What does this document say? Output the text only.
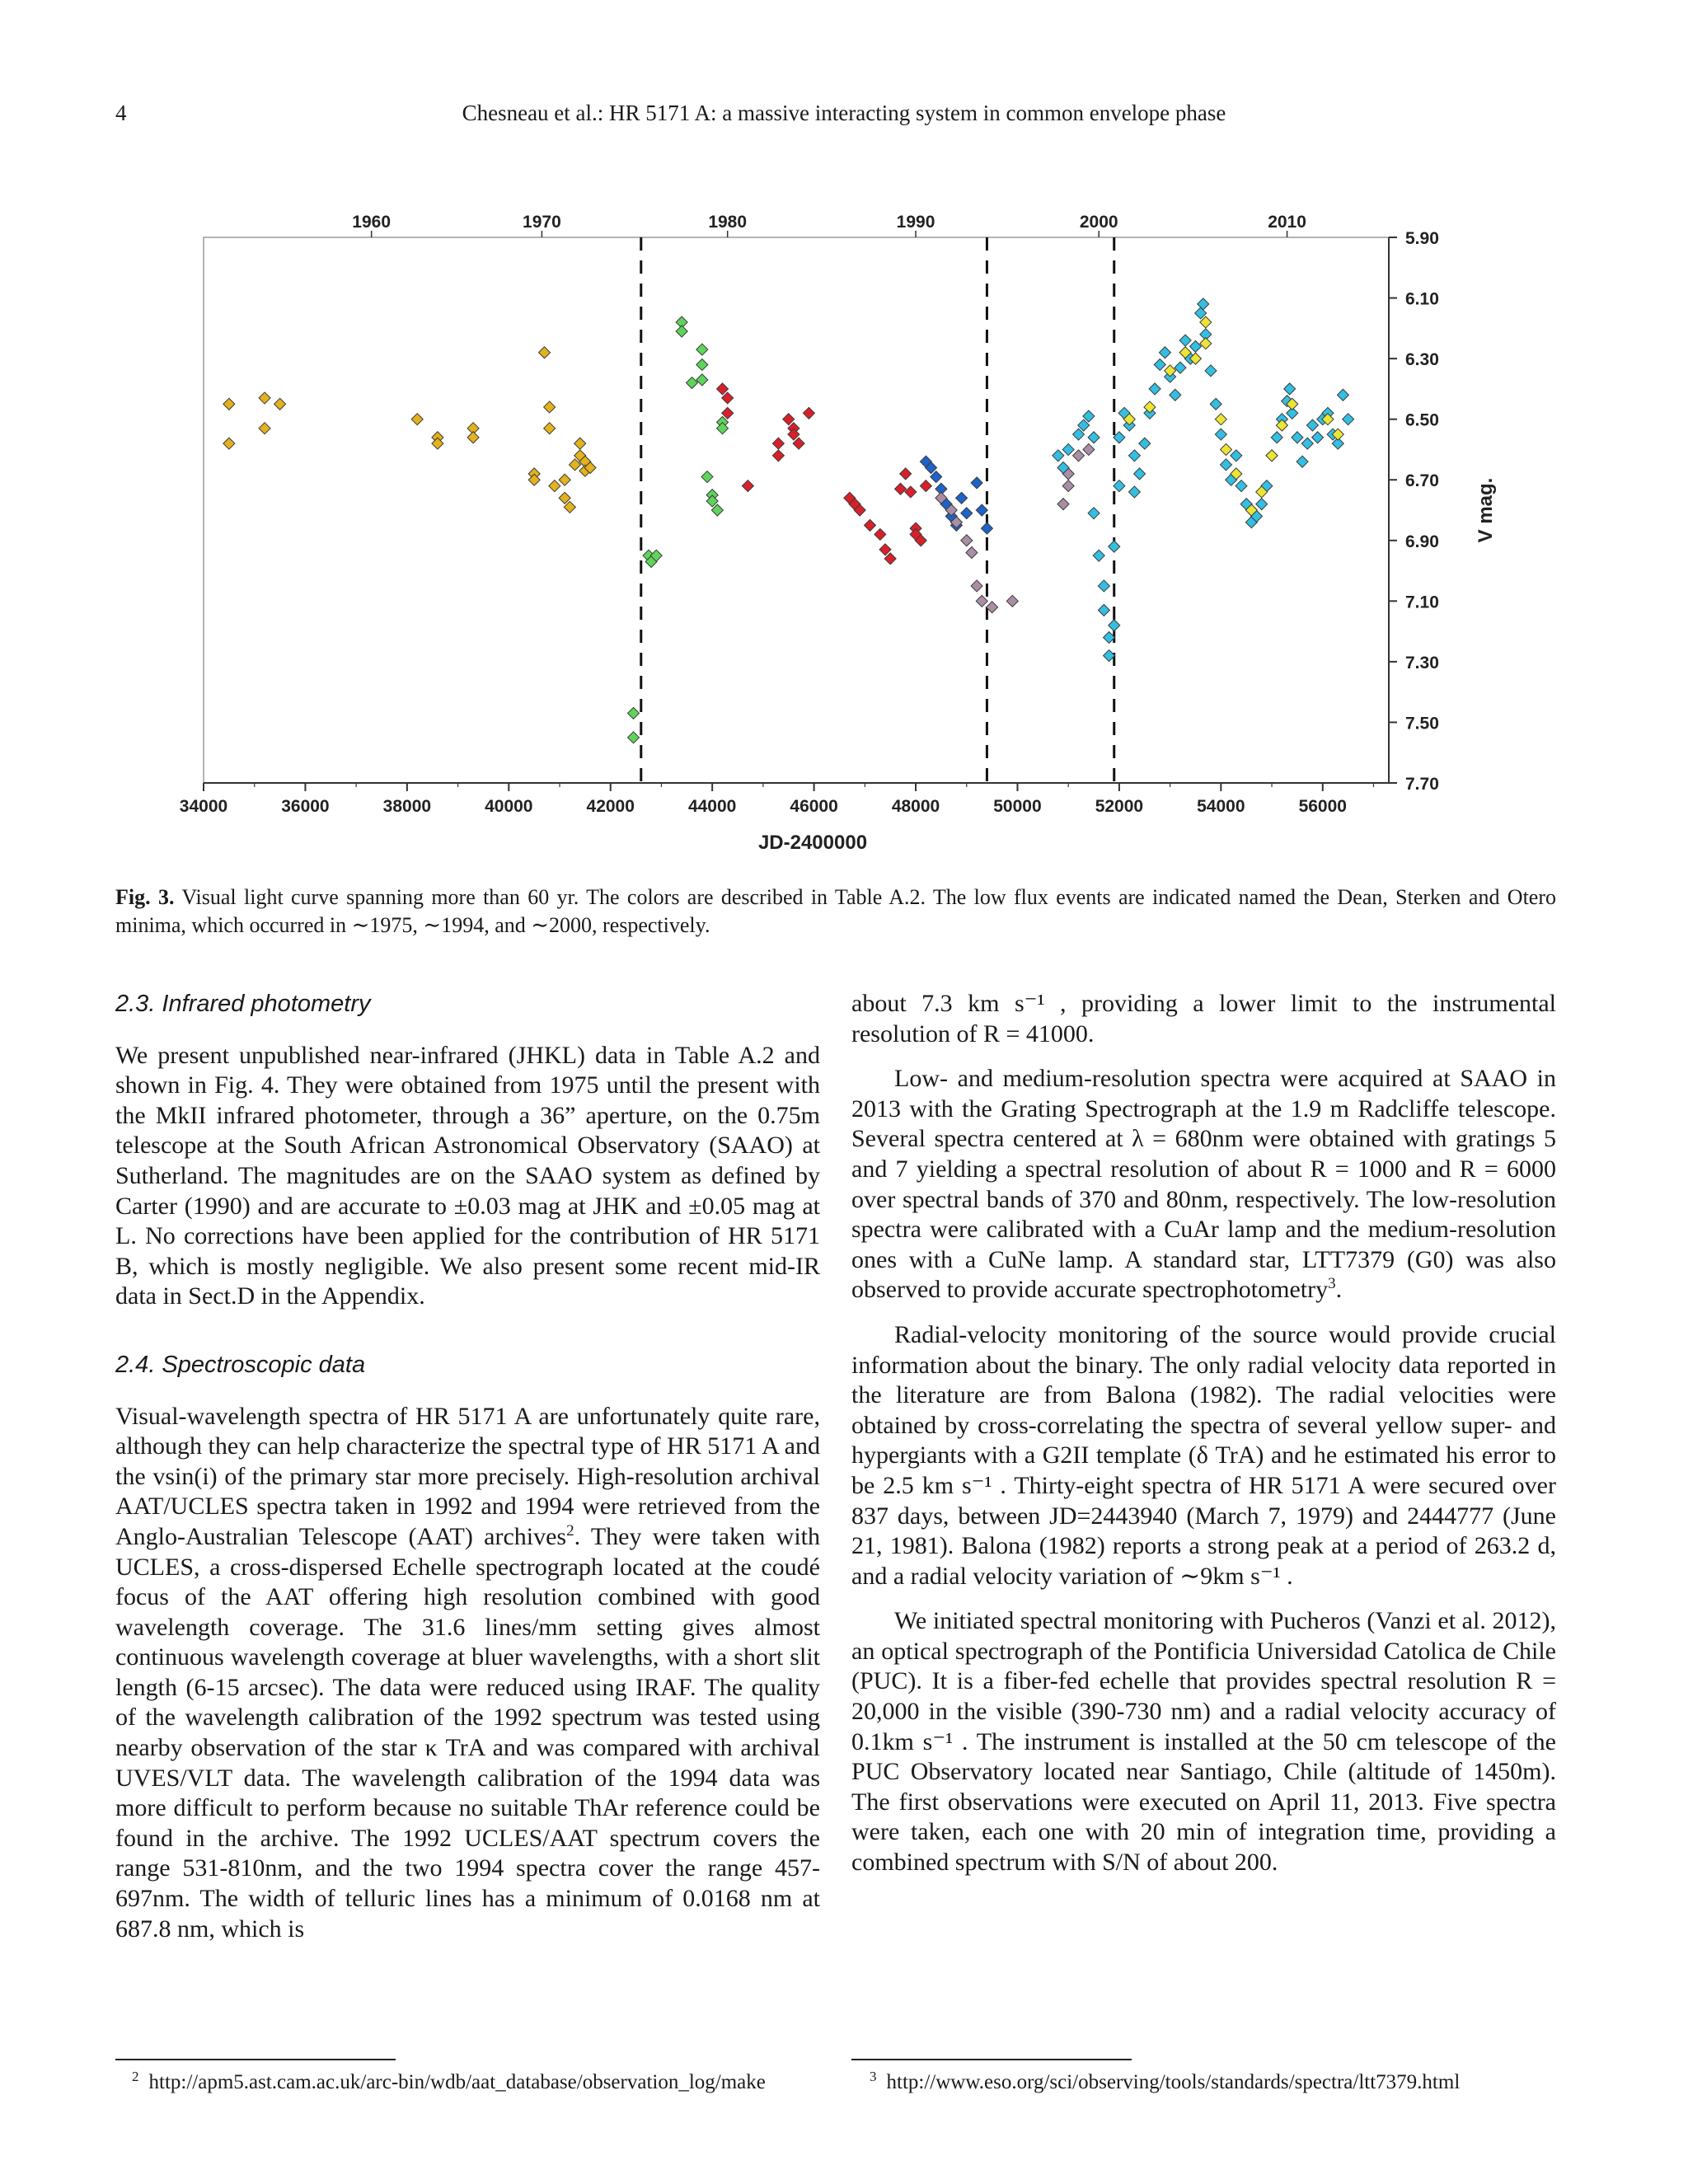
4	Chesneau et al.: HR 5171 A: a massive interacting system in common envelope phase
34000	36000	38000	40000	42000	44000	46000	48000	50000	52000	54000	56000
JD-2400000
1960	1970	1980	1990	2000	2010
5.90
6.10
6.30
6.50
6.70
6.90
7.10
7.30
7.50
7.70
V mag.
Fig. 3. Visual light curve spanning more than 60 yr. The colors are described in Table A.2. The low flux events are indicated named the Dean, Sterken and Otero minima, which occurred in ∼1975, ∼1994, and ∼2000, respectively.
2.3. Infrared photometry

We present unpublished near-infrared (JHKL) data in Table A.2 and shown in Fig. 4. They were obtained from 1975 until the present with the MkII infrared photometer, through a 36” aperture, on the 0.75m telescope at the South African Astronomical Observatory (SAAO) at Sutherland. The magnitudes are on the SAAO system as defined by Carter (1990) and are accurate to ±0.03 mag at JHK and ±0.05 mag at L. No corrections have been applied for the contribution of HR 5171 B, which is mostly negligible. We also present some recent mid-IR data in Sect.D in the Appendix.

2.4. Spectroscopic data

Visual-wavelength spectra of HR 5171 A are unfortunately quite rare, although they can help characterize the spectral type of HR 5171 A and the vsin(i) of the primary star more precisely. High-resolution archival AAT/UCLES spectra taken in 1992 and 1994 were retrieved from the Anglo-Australian Telescope (AAT) archives$^2$. They were taken with UCLES, a cross-dispersed Echelle spectrograph located at the coudé focus of the AAT offering high resolution combined with good wavelength coverage. The 31.6 lines/mm setting gives almost continuous wavelength coverage at bluer wavelengths, with a short slit length (6-15 arcsec). The data were reduced using IRAF. The quality of the wavelength calibration of the 1992 spectrum was tested using nearby observation of the star κ TrA and was compared with archival UVES/VLT data. The wavelength calibration of the 1994 data was more difficult to perform because no suitable ThAr reference could be found in the archive. The 1992 UCLES/AAT spectrum covers the range 531-810nm, and the two 1994 spectra cover the range 457-697nm. The width of telluric lines has a minimum of 0.0168 nm at 687.8 nm, which is

about 7.3 km s⁻¹ , providing a lower limit to the instrumental resolution of R = 41000.

Low- and medium-resolution spectra were acquired at SAAO in 2013 with the Grating Spectrograph at the 1.9 m Radcliffe telescope. Several spectra centered at λ = 680nm were obtained with gratings 5 and 7 yielding a spectral resolution of about R = 1000 and R = 6000 over spectral bands of 370 and 80nm, respectively. The low-resolution spectra were calibrated with a CuAr lamp and the medium-resolution ones with a CuNe lamp. A standard star, LTT7379 (G0) was also observed to provide accurate spectrophotometry$^3$.

Radial-velocity monitoring of the source would provide crucial information about the binary. The only radial velocity data reported in the literature are from Balona (1982). The radial velocities were obtained by cross-correlating the spectra of several yellow super- and hypergiants with a G2II template (δ TrA) and he estimated his error to be 2.5 km s⁻¹ . Thirty-eight spectra of HR 5171 A were secured over 837 days, between JD=2443940 (March 7, 1979) and 2444777 (June 21, 1981). Balona (1982) reports a strong peak at a period of 263.2 d, and a radial velocity variation of ∼9km s⁻¹ .

We initiated spectral monitoring with Pucheros (Vanzi et al. 2012), an optical spectrograph of the Pontificia Universidad Catolica de Chile (PUC). It is a fiber-fed echelle that provides spectral resolution R = 20,000 in the visible (390-730 nm) and a radial velocity accuracy of 0.1km s⁻¹ . The instrument is installed at the 50 cm telescope of the PUC Observatory located near Santiago, Chile (altitude of 1450m). The first observations were executed on April 11, 2013. Five spectra were taken, each one with 20 min of integration time, providing a combined spectrum with S/N of about 200.

$^2$ http://apm5.ast.cam.ac.uk/arc-bin/wdb/aat_database/observation_log/make	$^3$ http://www.eso.org/sci/observing/tools/standards/spectra/ltt7379.html
